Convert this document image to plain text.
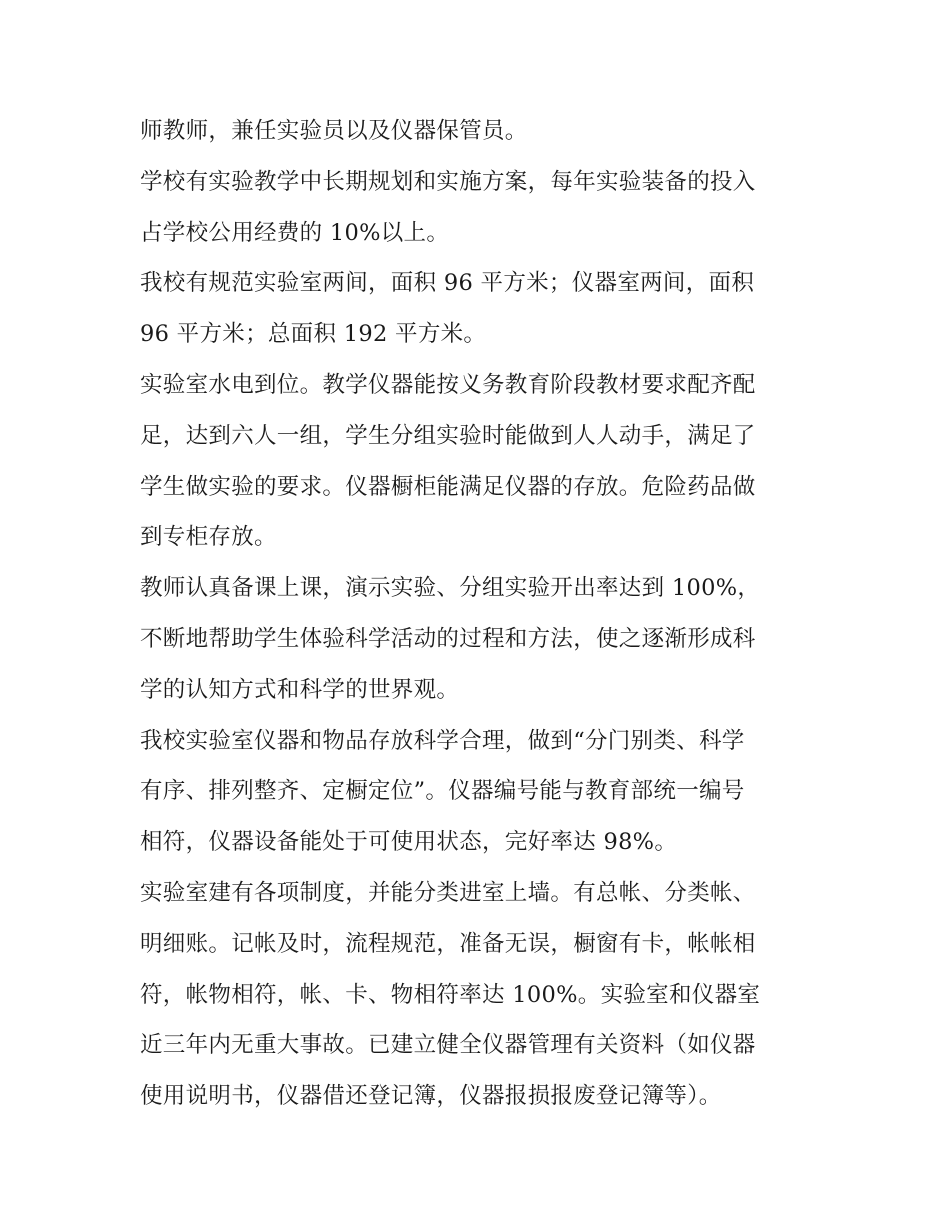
师教师，兼任实验员以及仪器保管员。
学校有实验教学中长期规划和实施方案，每年实验装备的投入
占学校公用经费的 10%以上。
我校有规范实验室两间，面积 96 平方米；仪器室两间，面积
96 平方米；总面积 192 平方米。
实验室水电到位。教学仪器能按义务教育阶段教材要求配齐配
足，达到六人一组，学生分组实验时能做到人人动手，满足了
学生做实验的要求。仪器橱柜能满足仪器的存放。危险药品做
到专柜存放。
教师认真备课上课，演示实验、分组实验开出率达到 100%，
不断地帮助学生体验科学活动的过程和方法，使之逐渐形成科
学的认知方式和科学的世界观。
我校实验室仪器和物品存放科学合理，做到“分门别类、科学
有序、排列整齐、定橱定位”。仪器编号能与教育部统一编号
相符，仪器设备能处于可使用状态，完好率达 98%。
实验室建有各项制度，并能分类进室上墙。有总帐、分类帐、
明细账。记帐及时，流程规范，准备无误，橱窗有卡，帐帐相
符，帐物相符，帐、卡、物相符率达 100%。实验室和仪器室
近三年内无重大事故。已建立健全仪器管理有关资料（如仪器
使用说明书，仪器借还登记簿，仪器报损报废登记簿等）。
